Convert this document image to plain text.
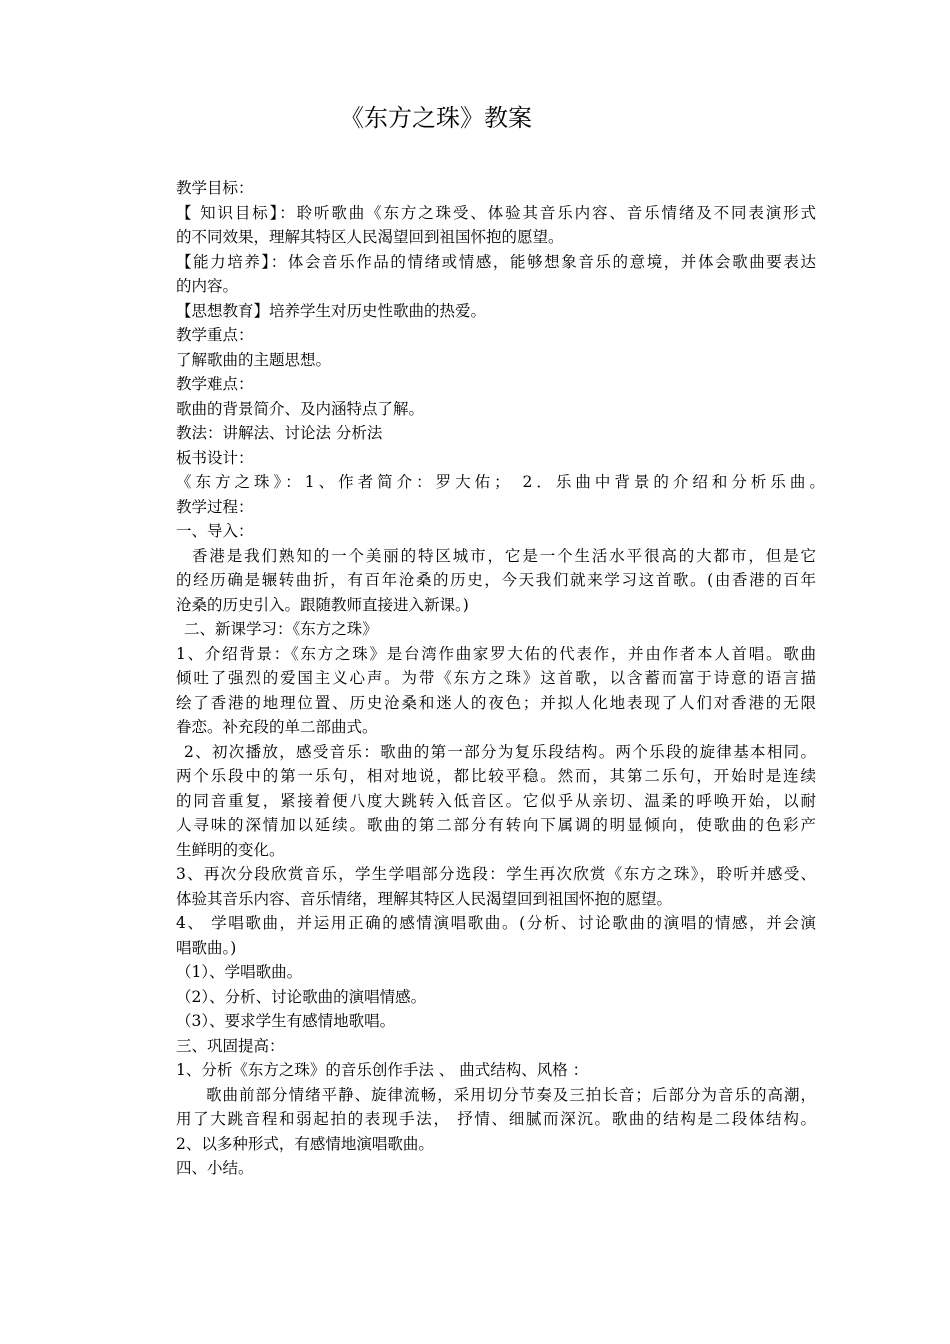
《东方之珠》教案
教学目标：
【 知识目标】：聆听歌曲《东方之珠受、体验其音乐内容、音乐情绪及不同表演形式
的不同效果，理解其特区人民渴望回到祖国怀抱的愿望。
【能力培养】：体会音乐作品的情绪或情感，能够想象音乐的意境，并体会歌曲要表达
的内容。
【思想教育】培养学生对历史性歌曲的热爱。
教学重点：
了解歌曲的主题思想。
教学难点：
歌曲的背景简介、及内涵特点了解。
教法：讲解法、讨论法 分析法
板书设计：
《东方之珠》：1、作者简介：罗大佑； 2．乐曲中背景的介绍和分析乐曲。
教学过程：
一、导入：
香港是我们熟知的一个美丽的特区城市，它是一个生活水平很高的大都市，但是它
的经历确是辗转曲折，有百年沧桑的历史，今天我们就来学习这首歌。(由香港的百年
沧桑的历史引入。跟随教师直接进入新课。)
二、新课学习：《东方之珠》
1、介绍背景：《东方之珠》是台湾作曲家罗大佑的代表作，并由作者本人首唱。歌曲
倾吐了强烈的爱国主义心声。为带《东方之珠》这首歌，以含蓄而富于诗意的语言描
绘了香港的地理位置、历史沧桑和迷人的夜色；并拟人化地表现了人们对香港的无限
眷恋。补充段的单二部曲式。
2、初次播放，感受音乐：歌曲的第一部分为复乐段结构。两个乐段的旋律基本相同。
两个乐段中的第一乐句，相对地说，都比较平稳。然而，其第二乐句，开始时是连续
的同音重复，紧接着便八度大跳转入低音区。它似乎从亲切、温柔的呼唤开始，以耐
人寻味的深情加以延续。歌曲的第二部分有转向下属调的明显倾向，使歌曲的色彩产
生鲜明的变化。
3、再次分段欣赏音乐，学生学唱部分选段：学生再次欣赏《东方之珠》，聆听并感受、
体验其音乐内容、音乐情绪，理解其特区人民渴望回到祖国怀抱的愿望。
4、 学唱歌曲，并运用正确的感情演唱歌曲。(分析、讨论歌曲的演唱的情感，并会演
唱歌曲。)
（1）、学唱歌曲。
（2）、分析、讨论歌曲的演唱情感。
（3）、要求学生有感情地歌唱。
三、巩固提高：
1、分析《东方之珠》的音乐创作手法 、 曲式结构、风格 ：
歌曲前部分情绪平静、旋律流畅，采用切分节奏及三拍长音；后部分为音乐的高潮，
用了大跳音程和弱起拍的表现手法， 抒情、细腻而深沉。歌曲的结构是二段体结构。
2、以多种形式，有感情地演唱歌曲。
四、小结。
